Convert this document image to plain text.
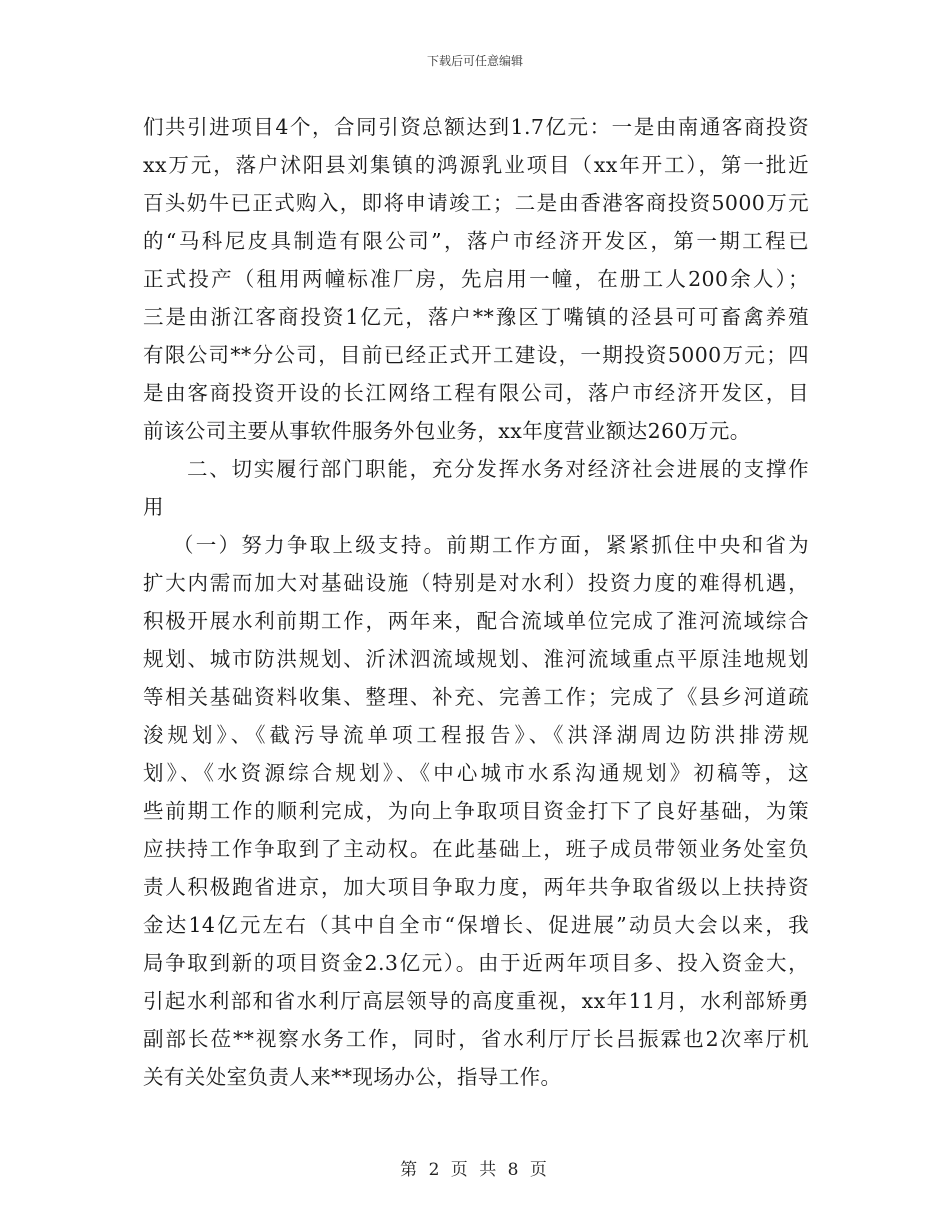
下载后可任意编辑
们共引进项目4个，合同引资总额达到1.7亿元：一是由南通客商投资
xx万元，落户沭阳县刘集镇的鸿源乳业项目（xx年开工），第一批近
百头奶牛已正式购入，即将申请竣工；二是由香港客商投资5000万元
的“马科尼皮具制造有限公司”，落户市经济开发区，第一期工程已
正式投产（租用两幢标准厂房，先启用一幢，在册工人200余人）；
三是由浙江客商投资1亿元，落户**豫区丁嘴镇的泾县可可畜禽养殖
有限公司**分公司，目前已经正式开工建设，一期投资5000万元；四
是由客商投资开设的长江网络工程有限公司，落户市经济开发区，目
前该公司主要从事软件服务外包业务，xx年度营业额达260万元。
二、切实履行部门职能，充分发挥水务对经济社会进展的支撑作
用
（一）努力争取上级支持。前期工作方面，紧紧抓住中央和省为
扩大内需而加大对基础设施（特别是对水利）投资力度的难得机遇，
积极开展水利前期工作，两年来，配合流域单位完成了淮河流域综合
规划、城市防洪规划、沂沭泗流域规划、淮河流域重点平原洼地规划
等相关基础资料收集、整理、补充、完善工作；完成了《县乡河道疏
浚规划》、《截污导流单项工程报告》、《洪泽湖周边防洪排涝规
划》、《水资源综合规划》、《中心城市水系沟通规划》初稿等，这
些前期工作的顺利完成，为向上争取项目资金打下了良好基础，为策
应扶持工作争取到了主动权。在此基础上，班子成员带领业务处室负
责人积极跑省进京，加大项目争取力度，两年共争取省级以上扶持资
金达14亿元左右（其中自全市“保增长、促进展”动员大会以来，我
局争取到新的项目资金2.3亿元）。由于近两年项目多、投入资金大，
引起水利部和省水利厅高层领导的高度重视，xx年11月，水利部矫勇
副部长莅**视察水务工作，同时，省水利厅厅长吕振霖也2次率厅机
关有关处室负责人来**现场办公，指导工作。
第 2 页 共 8 页
